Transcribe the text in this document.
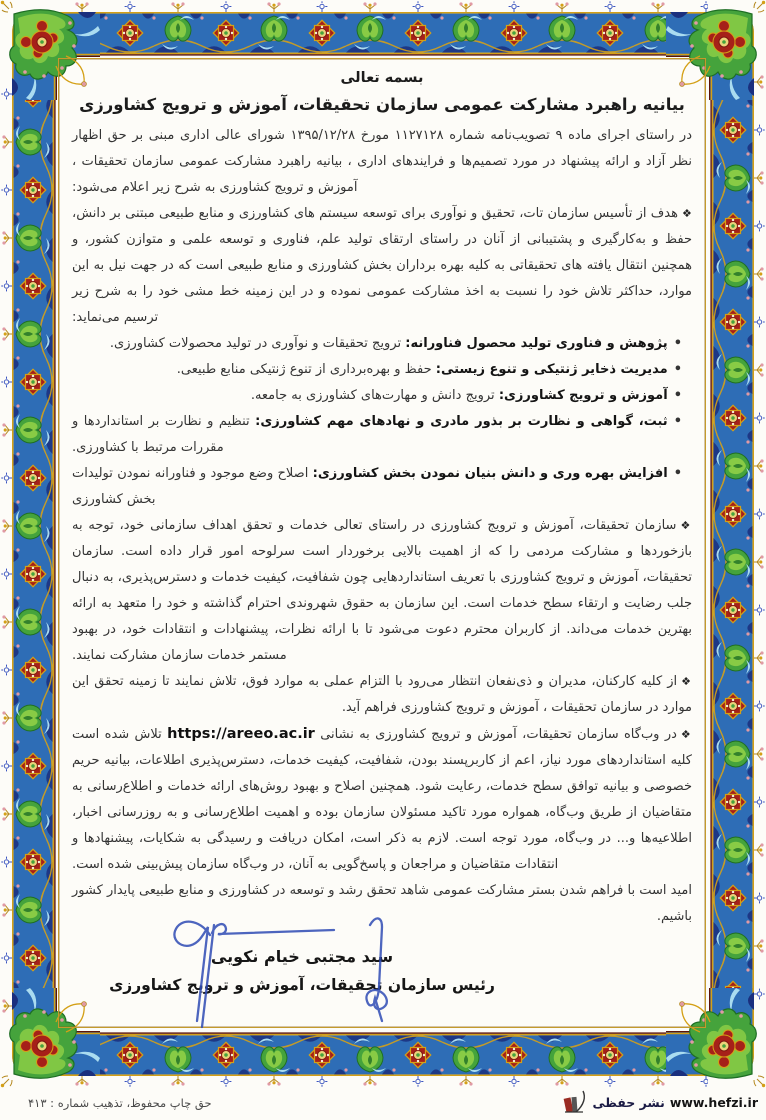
بسمه تعالی
بیانیه راهبرد مشارکت عمومی سازمان تحقیقات، آموزش و ترویج کشاورزی

در راستای اجرای ماده ۹ تصویب‌نامه شماره ۱۱۲۷۱۲۸ مورخ ۱۳۹۵/۱۲/۲۸ شورای عالی اداری مبنی بر حق اظهار نظر آزاد و ارائه پیشنهاد در مورد تصمیم‌ها و فرایندهای اداری ، بیانیه راهبرد مشارکت عمومی سازمان تحقیقات ، آموزش و ترویج کشاورزی به شرح زیر اعلام می‌شود:

❖هدف از تأسیس سازمان تات، تحقیق و نوآوری برای توسعه سیستم های کشاورزی و منابع طبیعی مبتنی بر دانش، حفظ و به‌کارگیری و پشتیبانی از آنان در راستای ارتقای تولید علم، فناوری و توسعه علمی و متوازن کشور، و همچنین انتقال یافته های تحقیقاتی به کلیه بهره برداران بخش کشاورزی و منابع طبیعی است که در جهت نیل به این موارد، حداکثر تلاش خود را نسبت به اخذ مشارکت عمومی نموده و در این زمینه خط مشی خود را به شرح زیر ترسیم می‌نماید:

•پژوهش و فناوری تولید محصول فناورانه: ترویج تحقیقات و نوآوری در تولید محصولات کشاورزی.

•مدیریت ذخایر ژنتیکی و تنوع زیستی: حفظ و بهره‌برداری از تنوع ژنتیکی منابع طبیعی.

•آموزش و ترویج کشاورزی: ترویج دانش و مهارت‌های کشاورزی به جامعه.

•ثبت، گواهی و نظارت بر بذور مادری و نهادهای مهم کشاورزی: تنظیم و نظارت بر استانداردها و مقررات مرتبط با کشاورزی.

•افزایش بهره وری و دانش بنیان نمودن بخش کشاورزی: اصلاح وضع موجود و فناورانه نمودن تولیدات بخش کشاورزی

❖سازمان تحقیقات، آموزش و ترویج کشاورزی در راستای تعالی خدمات و تحقق اهداف سازمانی خود، توجه به بازخوردها و مشارکت مردمی را که از اهمیت بالایی برخوردار است سرلوحه امور قرار داده است. سازمان تحقیقات، آموزش و ترویج کشاورزی با تعریف استانداردهایی چون شفافیت، کیفیت خدمات و دسترس‌پذیری، به دنبال جلب رضایت و ارتقاء سطح خدمات است. این سازمان به حقوق شهروندی احترام گذاشته و خود را متعهد به ارائه بهترین خدمات می‌داند. از کاربران محترم دعوت می‌شود تا با ارائه نظرات، پیشنهادات و انتقادات خود، در بهبود مستمر خدمات سازمان مشارکت نمایند.

❖از کلیه کارکنان، مدیران و ذی‌نفعان انتظار می‌رود با التزام عملی به موارد فوق، تلاش نمایند تا زمینه تحقق این موارد در سازمان تحقیقات ، آموزش و ترویج کشاورزی فراهم آید.

❖در وب‌گاه سازمان تحقیقات، آموزش و ترویج کشاورزی به نشانی https://areeo.ac.ir تلاش شده است کلیه استانداردهای مورد نیاز، اعم از کاربرپسند بودن، شفافیت، کیفیت خدمات، دسترس‌پذیری اطلاعات، بیانیه حریم خصوصی و بیانیه توافق سطح خدمات، رعایت شود. همچنین اصلاح و بهبود روش‌های ارائه خدمات و اطلاع‌رسانی به متقاضیان از طریق وب‌گاه، همواره مورد تاکید مسئولان سازمان بوده و اهمیت اطلاع‌رسانی و به روزرسانی اخبار، اطلاعیه‌ها و... در وب‌گاه، مورد توجه است. لازم به ذکر است، امکان دریافت و رسیدگی به شکایات، پیشنهادها و انتقادات متقاضیان و مراجعان و پاسخ‌گویی به آنان، در وب‌گاه سازمان پیش‌بینی شده است.

امید است با فراهم شدن بستر مشارکت عمومی شاهد تحقق رشد و توسعه در کشاورزی و منابع طبیعی پایدار کشور باشیم.

سید مجتبی خیام نکویی
رئیس سازمان تحقیقات، آموزش و ترویج کشاورزی
حق چاپ محفوظ، تذهیب شماره : ۴۱۳	نشر حفظی www.hefzi.ir
